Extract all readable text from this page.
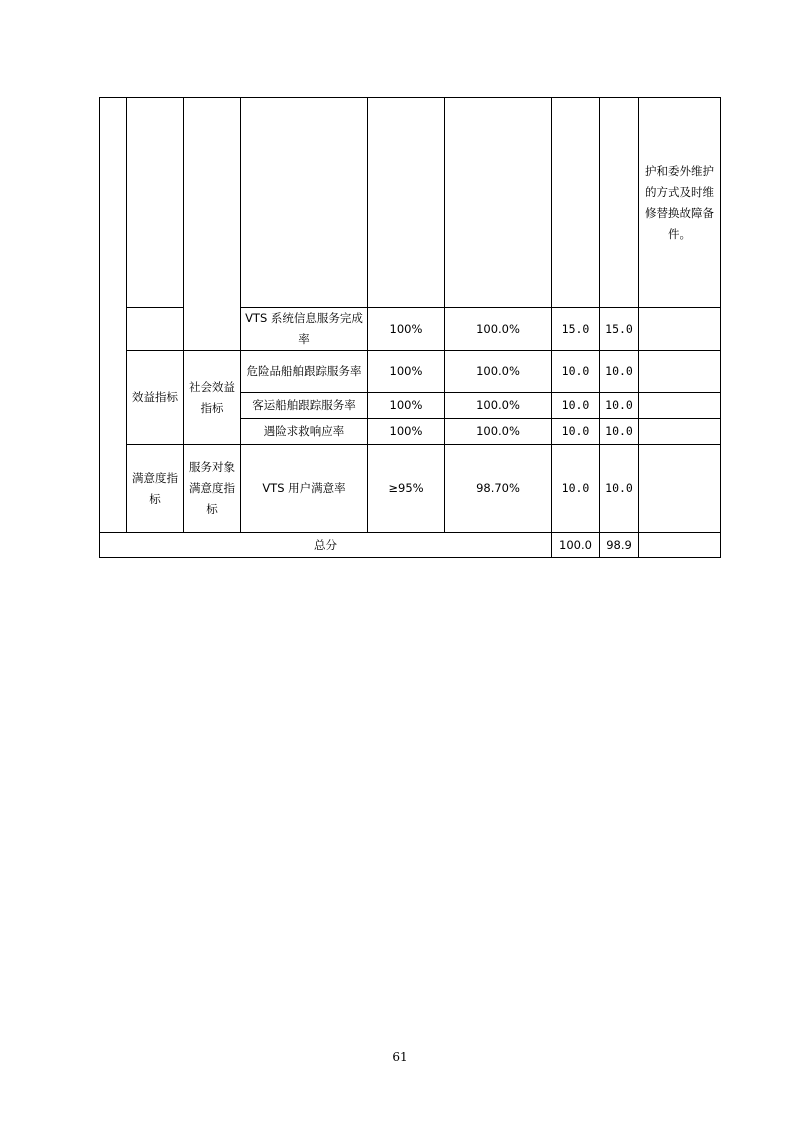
								护和委外维护的方式及时维修替换故障备件。
			VTS 系统信息服务完成率	100%	100.0%	15.0	15.0	
	效益指标	社会效益指标	危险品船舶跟踪服务率	100%	100.0%	10.0	10.0	
			客运船舶跟踪服务率	100%	100.0%	10.0	10.0	
			遇险求救响应率	100%	100.0%	10.0	10.0	
	满意度指标	服务对象满意度指标	VTS 用户满意率	≥95%	98.70%	10.0	10.0	
总分						100.0	98.9	
61
